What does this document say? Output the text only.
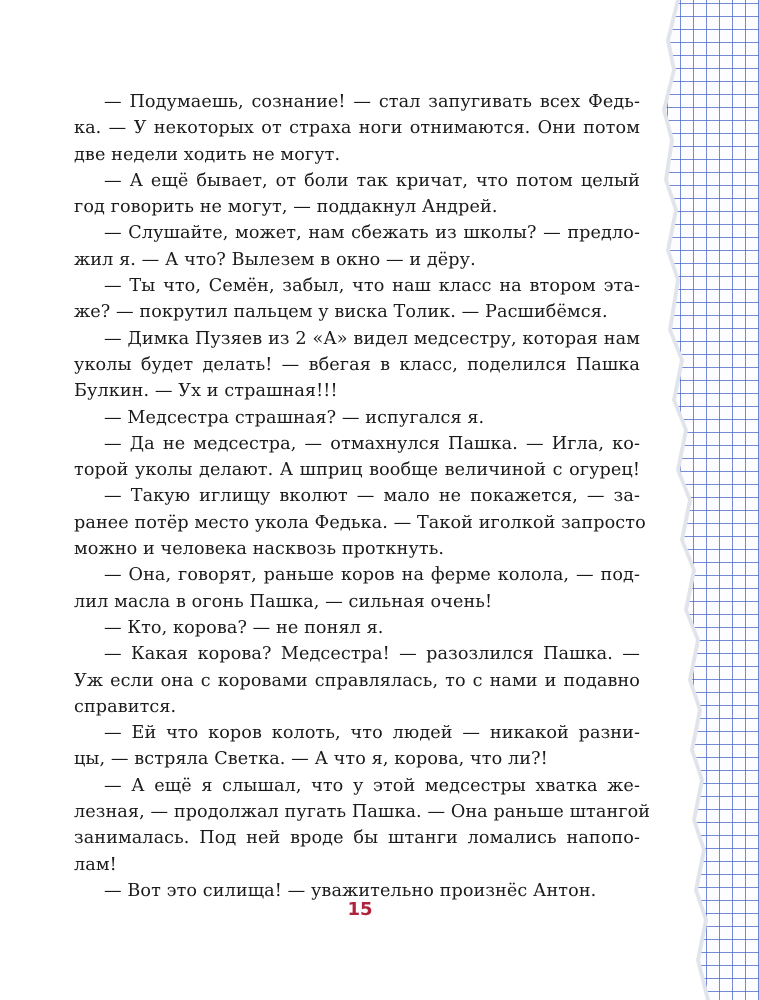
— Подумаешь, сознание! — стал запугивать всех Федь-
ка. — У некоторых от страха ноги отнимаются. Они потом
две недели ходить не могут.
— А ещё бывает, от боли так кричат, что потом целый
год говорить не могут, — поддакнул Андрей.
— Слушайте, может, нам сбежать из школы? — предло-
жил я. — А что? Вылезем в окно — и дёру.
— Ты что, Семён, забыл, что наш класс на втором эта-
же? — покрутил пальцем у виска Толик. — Расшибёмся.
— Димка Пузяев из 2 «А» видел медсестру, которая нам
уколы будет делать! — вбегая в класс, поделился Пашка
Булкин. — Ух и страшная!!!
— Медсестра страшная? — испугался я.
— Да не медсестра, — отмахнулся Пашка. — Игла, ко-
торой уколы делают. А шприц вообще величиной с огурец!
— Такую иглищу вколют — мало не покажется, — за-
ранее потёр место укола Федька. — Такой иголкой запросто
можно и человека насквозь проткнуть.
— Она, говорят, раньше коров на ферме колола, — под-
лил масла в огонь Пашка, — сильная очень!
— Кто, корова? — не понял я.
— Какая корова? Медсестра! — разозлился Пашка. —
Уж если она с коровами справлялась, то с нами и подавно
справится.
— Ей что коров колоть, что людей — никакой разни-
цы, — встряла Светка. — А что я, корова, что ли?!
— А ещё я слышал, что у этой медсестры хватка же-
лезная, — продолжал пугать Пашка. — Она раньше штангой
занималась. Под ней вроде бы штанги ломались напопо-
лам!
— Вот это силища! — уважительно произнёс Антон.
15
